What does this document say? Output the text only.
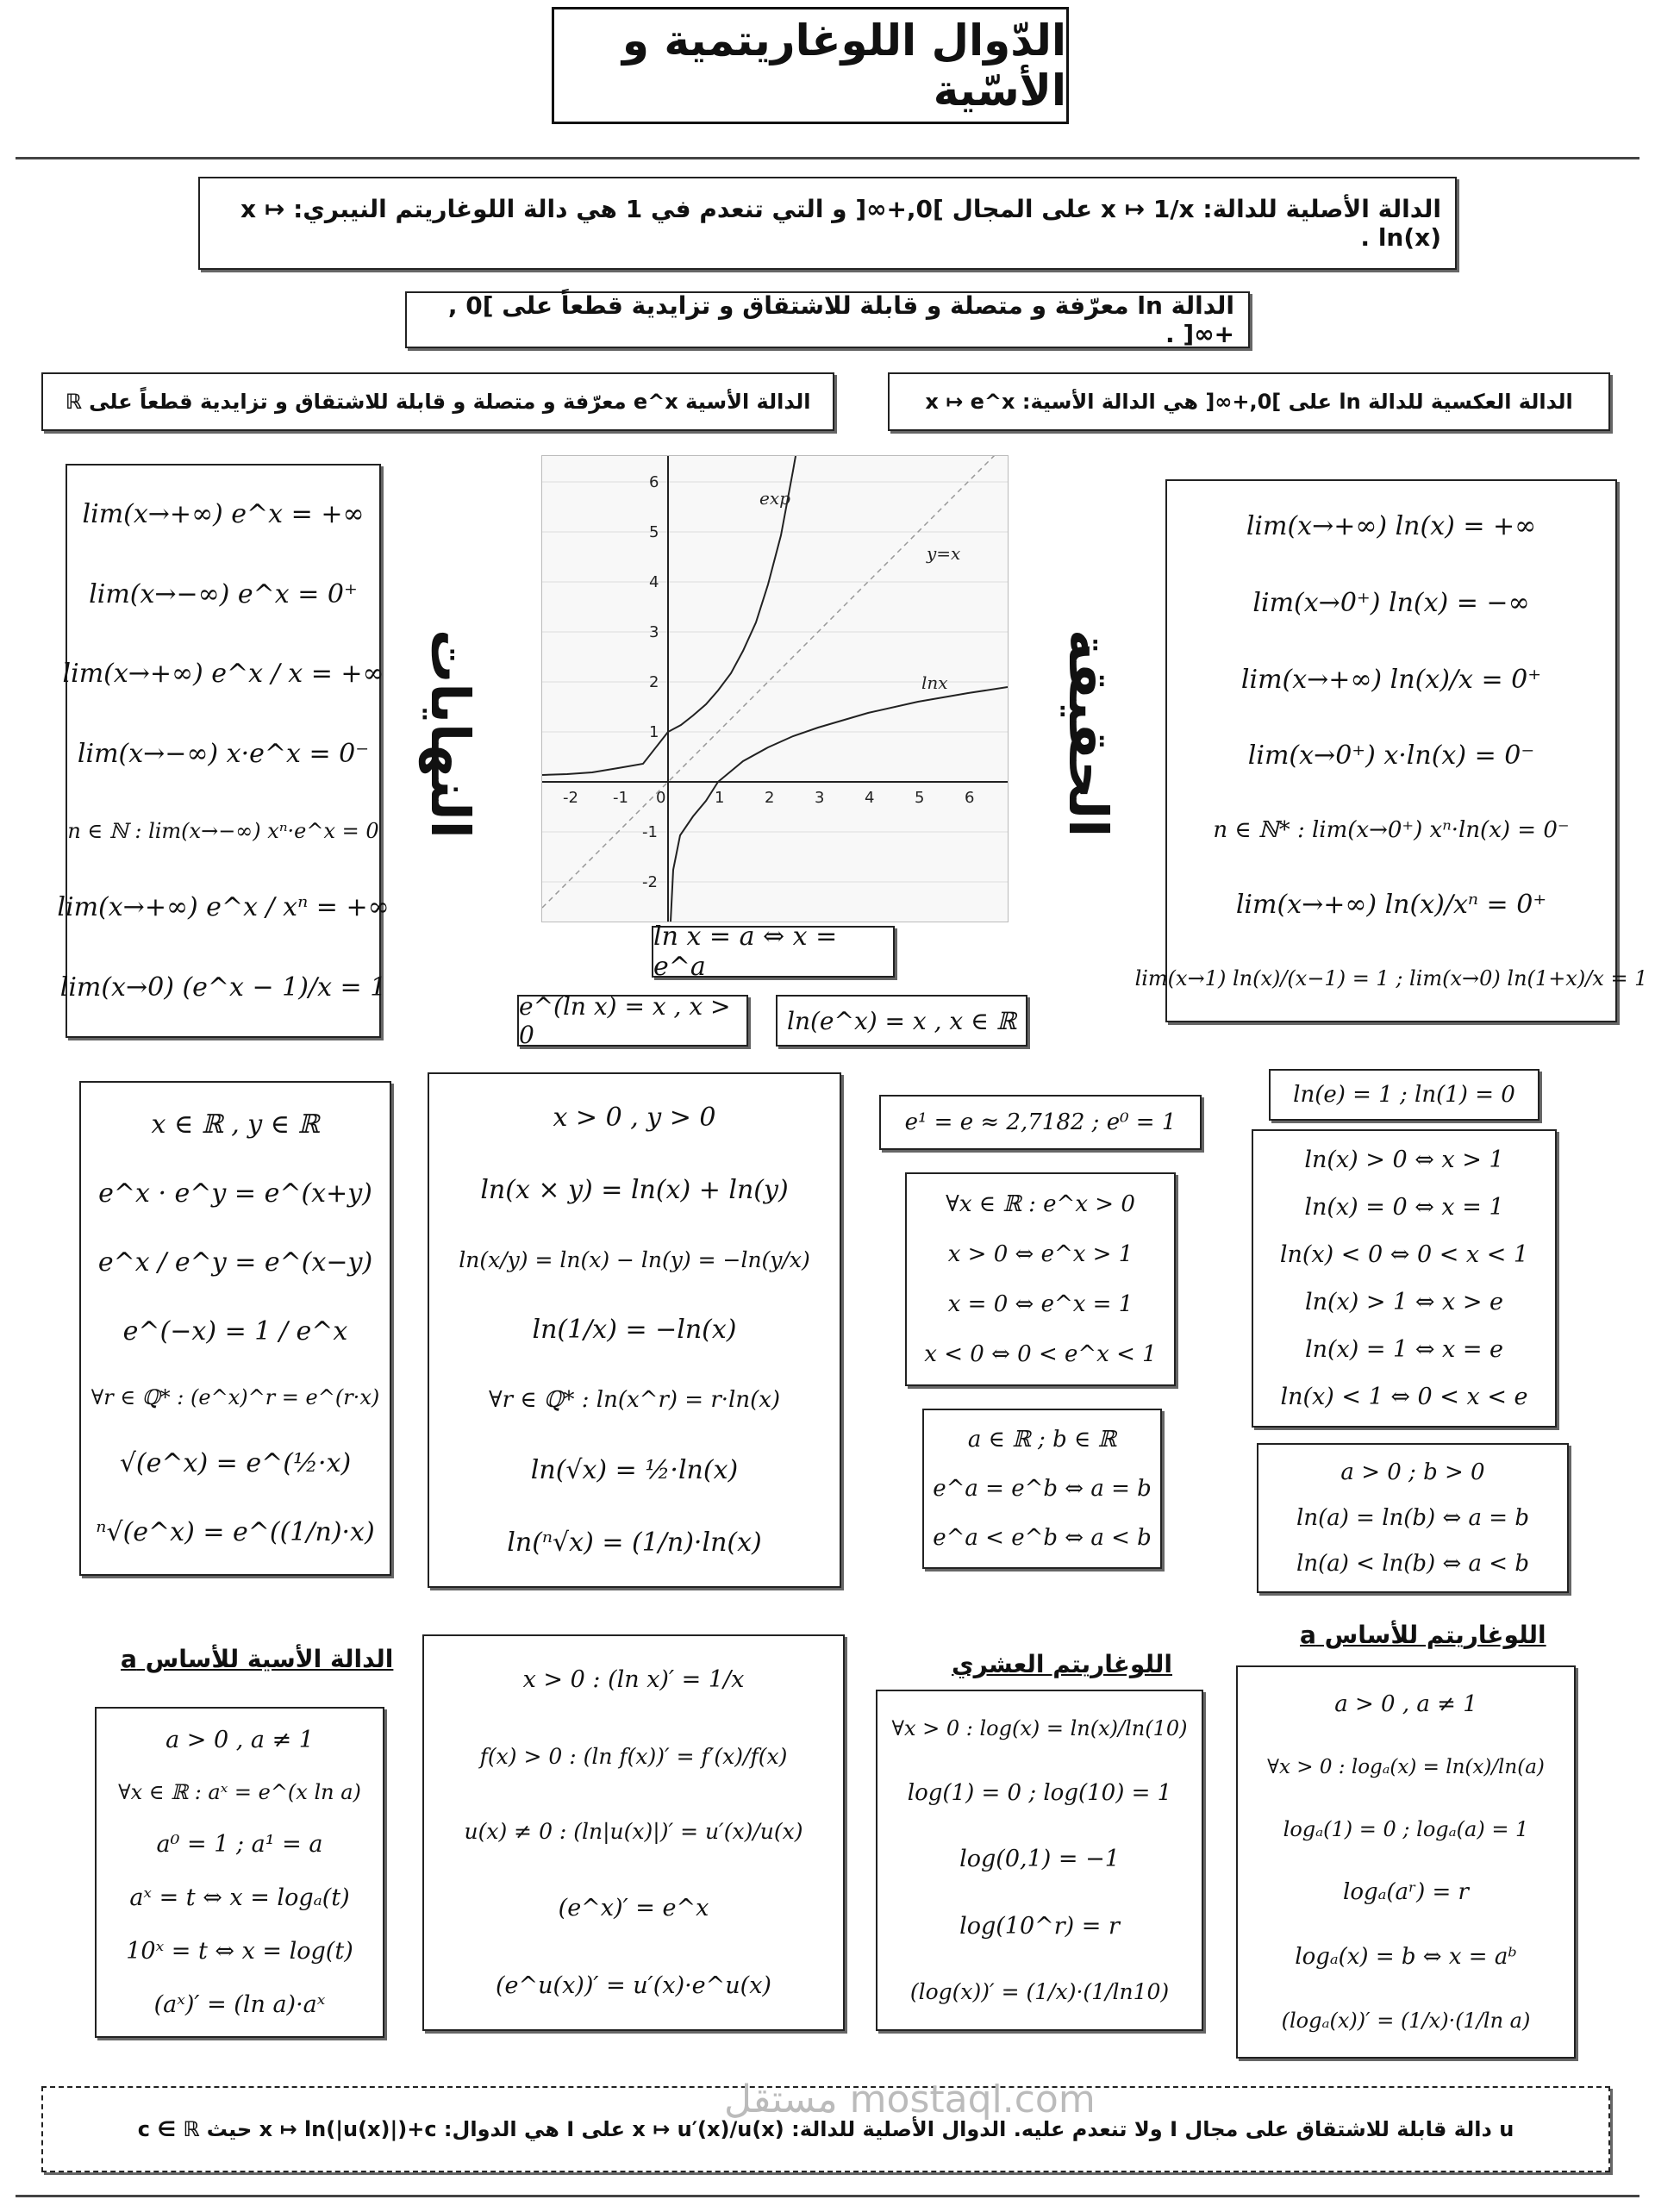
الدّوال اللوغاريتمية و الأسّية
الدالة الأصلية للدالة: x ↦ 1/x على المجال ]0,+∞[ و التي تنعدم في 1 هي دالة اللوغاريتم النيبري: x ↦ ln(x) .
الدالة ln معرّفة و متصلة و قابلة للاشتقاق و تزايدية قطعاً على ]0 , +∞[ .
الدالة الأسية e^x معرّفة و متصلة و قابلة للاشتقاق و تزايدية قطعاً على ℝ	الدالة العكسية للدالة ln على ]0,+∞[ هي الدالة الأسية: x ↦ e^x
lim(x→+∞) e^x = +∞
lim(x→−∞) e^x = 0⁺
lim(x→+∞) e^x / x = +∞
lim(x→−∞) x·e^x = 0⁻
n ∈ ℕ : lim(x→−∞) xⁿ·e^x = 0
lim(x→+∞) e^x / xⁿ = +∞
lim(x→0) (e^x − 1)/x = 1
النهايات	الحقيقة
-2 -1 0	1	2	3	4	5	6
6
5
3
1
-1
-2
4
2
exp
y=x
lnx
ln x = a ⇔ x = e^a
e^(ln x) = x , x > 0	ln(e^x) = x , x ∈ ℝ
lim(x→+∞) ln(x) = +∞
lim(x→0⁺) ln(x) = −∞
lim(x→+∞) ln(x)/x = 0⁺
lim(x→0⁺) x·ln(x) = 0⁻
n ∈ ℕ* : lim(x→0⁺) xⁿ·ln(x) = 0⁻
lim(x→+∞) ln(x)/xⁿ = 0⁺
lim(x→1) ln(x)/(x−1) = 1 ; lim(x→0) ln(1+x)/x = 1
x ∈ ℝ , y ∈ ℝ
e^x · e^y = e^(x+y)
e^x / e^y = e^(x−y)
e^(−x) = 1 / e^x
∀r ∈ ℚ* : (e^x)^r = e^(r·x)
√(e^x) = e^(½·x)
ⁿ√(e^x) = e^((1/n)·x)
x > 0 , y > 0
ln(x × y) = ln(x) + ln(y)
ln(x/y) = ln(x) − ln(y) = −ln(y/x)
ln(1/x) = −ln(x)
∀r ∈ ℚ* : ln(x^r) = r·ln(x)
ln(√x) = ½·ln(x)
ln(ⁿ√x) = (1/n)·ln(x)
e¹ = e ≈ 2,7182 ; e⁰ = 1
∀x ∈ ℝ : e^x > 0
x > 0 ⇔ e^x > 1
x = 0 ⇔ e^x = 1
x < 0 ⇔ 0 < e^x < 1
a ∈ ℝ ; b ∈ ℝ
e^a = e^b ⇔ a = b
e^a < e^b ⇔ a < b
ln(e) = 1 ; ln(1) = 0
ln(x) > 0 ⇔ x > 1
ln(x) = 0 ⇔ x = 1
ln(x) < 0 ⇔ 0 < x < 1
ln(x) > 1 ⇔ x > e
ln(x) = 1 ⇔ x = e
ln(x) < 1 ⇔ 0 < x < e
a > 0 ; b > 0
ln(a) = ln(b) ⇔ a = b
ln(a) < ln(b) ⇔ a < b
الدالة الأسية للأساس a
a > 0 , a ≠ 1
∀x ∈ ℝ : aˣ = e^(x ln a)
a⁰ = 1 ; a¹ = a
aˣ = t ⇔ x = logₐ(t)
10ˣ = t ⇔ x = log(t)
(aˣ)′ = (ln a)·aˣ
x > 0 : (ln x)′ = 1/x
f(x) > 0 : (ln f(x))′ = f′(x)/f(x)
u(x) ≠ 0 : (ln|u(x)|)′ = u′(x)/u(x)
(e^x)′ = e^x
(e^u(x))′ = u′(x)·e^u(x)
اللوغاريتم العشري
∀x > 0 : log(x) = ln(x)/ln(10)
log(1) = 0 ; log(10) = 1
log(0,1) = −1
log(10^r) = r
(log(x))′ = (1/x)·(1/ln10)
اللوغاريتم للأساس a
a > 0 , a ≠ 1
∀x > 0 : logₐ(x) = ln(x)/ln(a)
logₐ(1) = 0 ; logₐ(a) = 1
logₐ(aʳ) = r
logₐ(x) = b ⇔ x = aᵇ
(logₐ(x))′ = (1/x)·(1/ln a)
u دالة قابلة للاشتقاق على مجال I ولا تنعدم عليه. الدوال الأصلية للدالة: x ↦ u′(x)/u(x) على I هي الدوال: x ↦ ln(|u(x)|)+c حيث c ∈ ℝ
مستقل mostaql.com
